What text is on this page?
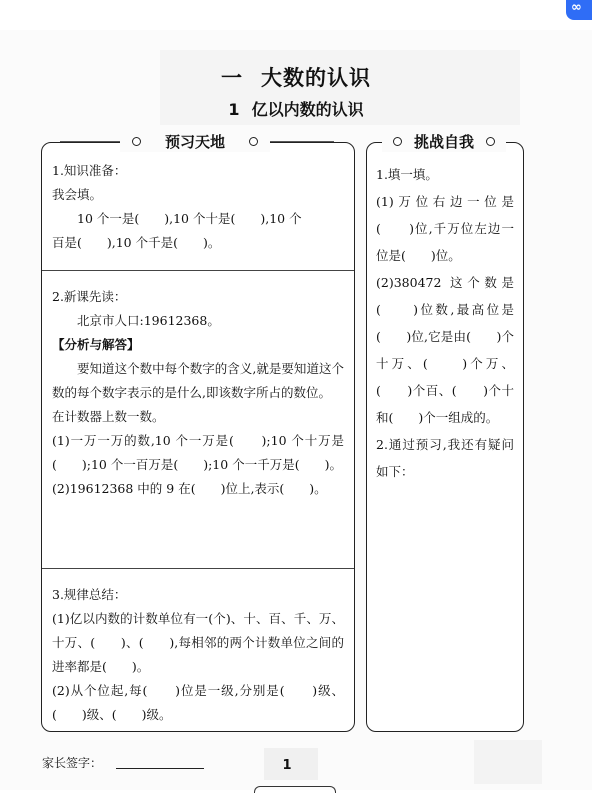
∞
一 大数的认识
1 亿以内数的认识
1.知识准备：
我会填。
10 个一是(　　),10 个十是(　　),10 个
百是(　　),10 个千是(　　)。
2.新课先读：
北京市人口:19612368。
【分析与解答】
要知道这个数中每个数字的含义,就是要知道这个数的每个数字表示的是什么,即该数字所占的数位。
在计数器上数一数。
(1)一万一万的数,10 个一万是(　　);10 个十万是(　　);10 个一百万是(　　);10 个一千万是(　　)。
(2)19612368 中的 9 在(　　)位上,表示(　　)。
3.规律总结：
(1)亿以内数的计数单位有一(个)、十、百、千、万、十万、(　　)、(　　),每相邻的两个计数单位之间的进率都是(　　)。
(2)从个位起,每(　　)位是一级,分别是(　　)级、(　　)级、(　　)级。
1.填一填。
(1)万位右边一位是(　　)位,千万位左边一位是(　　)位。
(2)380472 这个数是(　　)位数,最高位是(　　)位,它是由(　　)个十万、(　　)个万、(　　)个百、(　　)个十和(　　)个一组成的。
2.通过预习,我还有疑问如下：
预习天地	挑战自我
家长签字：	1
